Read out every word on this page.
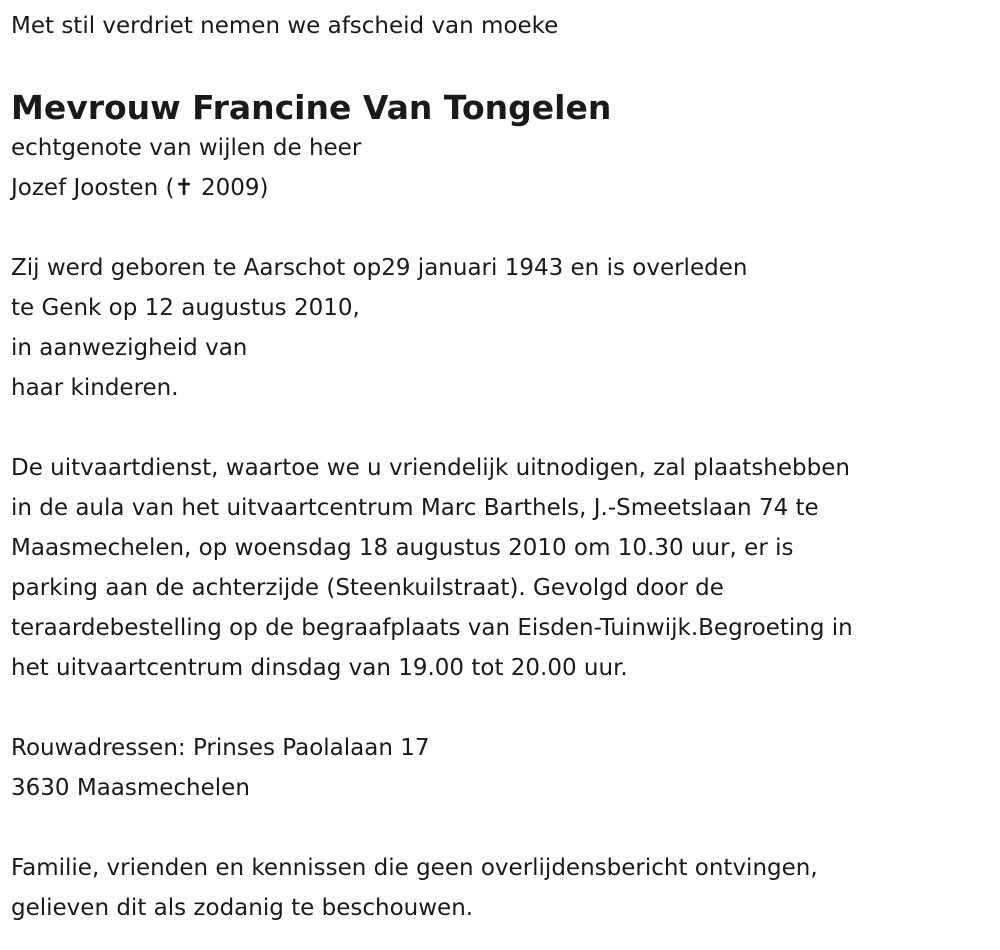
Met stil verdriet nemen we afscheid van moeke

Mevrouw Francine Van Tongelen

echtgenote van wijlen de heer

Jozef Joosten (✝ 2009)

Zij werd geboren te Aarschot op29 januari 1943 en is overleden

te Genk op 12 augustus 2010,

in aanwezigheid van

haar kinderen.

De uitvaartdienst, waartoe we u vriendelijk uitnodigen, zal plaatshebben

in de aula van het uitvaartcentrum Marc Barthels, J.-Smeetslaan 74 te

Maasmechelen, op woensdag 18 augustus 2010 om 10.30 uur, er is

parking aan de achterzijde (Steenkuilstraat). Gevolgd door de

teraardebestelling op de begraafplaats van Eisden-Tuinwijk.Begroeting in

het uitvaartcentrum dinsdag van 19.00 tot 20.00 uur.

Rouwadressen: Prinses Paolalaan 17

3630 Maasmechelen

Familie, vrienden en kennissen die geen overlijdensbericht ontvingen,

gelieven dit als zodanig te beschouwen.
